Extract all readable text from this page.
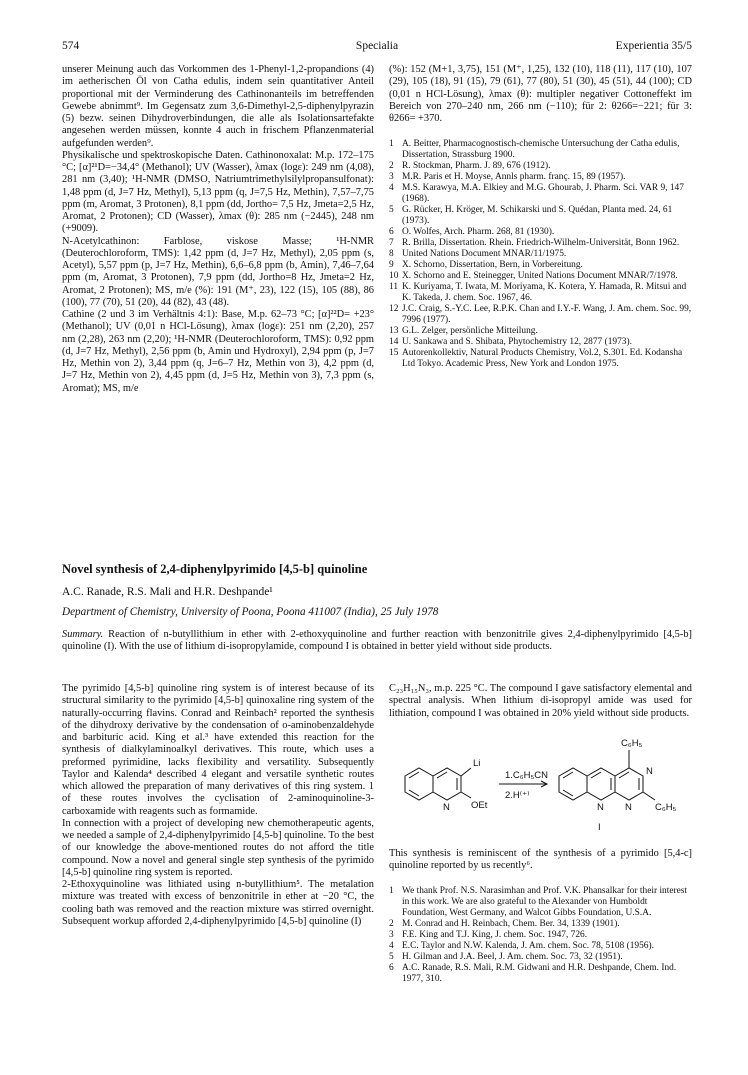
574	Specialia	Experientia 35/5

unserer Meinung auch das Vorkommen des 1-Phenyl-1,2-propandions (4) im aetherischen Öl von Catha edulis, indem sein quantitativer Anteil proportional mit der Verminderung des Cathinonanteils im betreffenden Gewebe abnimmt⁹. Im Gegensatz zum 3,6-Dimethyl-2,5-diphenylpyrazin (5) bezw. seinen Dihydroverbindungen, die alle als Isolationsartefakte angesehen werden müssen, konnte 4 auch in frischem Pflanzenmaterial aufgefunden werden⁹.

Physikalische und spektroskopische Daten. Cathinonoxalat: M.p. 172–175 °C; [α]²¹D=−34,4° (Methanol); UV (Wasser), λmax (logε): 249 nm (4,08), 281 nm (3,40); ¹H-NMR (DMSO, Natriumtrimethylsilylpropansulfonat): 1,48 ppm (d, J=7 Hz, Methyl), 5,13 ppm (q, J=7,5 Hz, Methin), 7,57–7,75 ppm (m, Aromat, 3 Protonen), 8,1 ppm (dd, Jortho= 7,5 Hz, Jmeta=2,5 Hz, Aromat, 2 Protonen); CD (Wasser), λmax (θ): 285 nm (−2445), 248 nm (+9009).

N-Acetylcathinon: Farblose, viskose Masse; ¹H-NMR (Deuterochloroform, TMS): 1,42 ppm (d, J=7 Hz, Methyl), 2,05 ppm (s, Acetyl), 5,57 ppm (p, J=7 Hz, Methin), 6,6–6,8 ppm (b, Amin), 7,46–7,64 ppm (m, Aromat, 3 Protonen), 7,9 ppm (dd, Jortho=8 Hz, Jmeta=2 Hz, Aromat, 2 Protonen); MS, m/e (%): 191 (M⁺, 23), 122 (15), 105 (88), 86 (100), 77 (70), 51 (20), 44 (82), 43 (48).

Cathine (2 und 3 im Verhältnis 4:1): Base, M.p. 62–73 °C; [α]²²D= +23° (Methanol); UV (0,01 n HCl-Lösung), λmax (logε): 251 nm (2,20), 257 nm (2,28), 263 nm (2,20); ¹H-NMR (Deuterochloroform, TMS): 0,92 ppm (d, J=7 Hz, Methyl), 2,56 ppm (b, Amin und Hydroxyl), 2,94 ppm (p, J=7 Hz, Methin von 2), 3,44 ppm (q, J=6–7 Hz, Methin von 3), 4,2 ppm (d, J=7 Hz, Methin von 2), 4,45 ppm (d, J=5 Hz, Methin von 3), 7,3 ppm (s, Aromat); MS, m/e

(%): 152 (M+1, 3,75), 151 (M⁺, 1,25), 132 (10), 118 (11), 117 (10), 107 (29), 105 (18), 91 (15), 79 (61), 77 (80), 51 (30), 45 (51), 44 (100); CD (0,01 n HCl-Lösung), λmax (θ): multipler negativer Cottoneffekt im Bereich von 270–240 nm, 266 nm (−110); für 2: θ266=−221; für 3: θ266= +370.

1 A. Beitter, Pharmacognostisch-chemische Untersuchung der Catha edulis, Dissertation, Strassburg 1900.
2 R. Stockman, Pharm. J. 89, 676 (1912).
3 M.R. Paris et H. Moyse, Annls pharm. franç. 15, 89 (1957).
4 M.S. Karawya, M.A. Elkiey and M.G. Ghourab, J. Pharm. Sci. VAR 9, 147 (1968).
5 G. Rücker, H. Kröger, M. Schikarski und S. Quédan, Planta med. 24, 61 (1973).
6 O. Wolfes, Arch. Pharm. 268, 81 (1930).
7 R. Brilla, Dissertation. Rhein. Friedrich-Wilhelm-Universität, Bonn 1962.
8 United Nations Document MNAR/11/1975.
9 X. Schorno, Dissertation, Bern, in Vorbereitung.
10 X. Schorno and E. Steinegger, United Nations Document MNAR/7/1978.
11 K. Kuriyama, T. Iwata, M. Moriyama, K. Kotera, Y. Hamada, R. Mitsui and K. Takeda, J. chem. Soc. 1967, 46.
12 J.C. Craig, S.-Y.C. Lee, R.P.K. Chan and I.Y.-F. Wang, J. Am. chem. Soc. 99, 7996 (1977).
13 G.L. Zelger, persönliche Mitteilung.
14 U. Sankawa and S. Shibata, Phytochemistry 12, 2877 (1973).
15 Autorenkollektiv, Natural Products Chemistry, Vol.2, S.301. Ed. Kodansha Ltd Tokyo. Academic Press, New York and London 1975.
Novel synthesis of 2,4-diphenylpyrimido [4,5-b] quinoline
A.C. Ranade, R.S. Mali and H.R. Deshpande¹
Department of Chemistry, University of Poona, Poona 411007 (India), 25 July 1978
Summary. Reaction of n-butyllithium in ether with 2-ethoxyquinoline and further reaction with benzonitrile gives 2,4-diphenylpyrimido [4,5-b] quinoline (I). With the use of lithium di-isopropylamide, compound I is obtained in better yield without side products.

The pyrimido [4,5-b] quinoline ring system is of interest because of its structural similarity to the pyrimido [4,5-b] quinoxaline ring system of the naturally-occurring flavins. Conrad and Reinbach² reported the synthesis of the dihydroxy derivative by the condensation of o-aminobenzaldehyde and barbituric acid. King et al.³ have extended this reaction for the synthesis of dialkylaminoalkyl derivatives. This route, which uses a preformed pyrimidine, lacks flexibility and versatility. Subsequently Taylor and Kalenda⁴ described 4 elegant and versatile synthetic routes which allowed the preparation of many derivatives of this ring system. 1 of these routes involves the cyclisation of 2-aminoquinoline-3-carboxamide with reagents such as formamide.

In connection with a project of developing new chemotherapeutic agents, we needed a sample of 2,4-diphenylpyrimido [4,5-b] quinoline. To the best of our knowledge the above-mentioned routes do not afford the title compound. Now a novel and general single step synthesis of the pyrimido [4,5-b] quinoline ring system is reported.

2-Ethoxyquinoline was lithiated using n-butyllithium⁵. The metalation mixture was treated with excess of benzonitrile in ether at −20 °C, the cooling bath was removed and the reaction mixture was stirred overnight. Subsequent workup afforded 2,4-diphenylpyrimido [4,5-b] quinoline (I)

C₂₃H₁₅N₃, m.p. 225 °C. The compound I gave satisfactory elemental and spectral analysis. When lithium di-isopropyl amide was used for lithiation, compound I was obtained in 20% yield without side products.

Li
N OEt
1.C₆H₅CN
2.H⁽⁺⁾
C₆H₅
N
N N C₆H₅
I

This synthesis is reminiscent of the synthesis of a pyrimido [5,4-c] quinoline reported by us recently⁶.

1 We thank Prof. N.S. Narasimhan and Prof. V.K. Phansalkar for their interest in this work. We are also grateful to the Alexander von Humboldt Foundation, West Germany, and Walcot Gibbs Foundation, U.S.A.
2 M. Conrad and H. Reinbach, Chem. Ber. 34, 1339 (1901).
3 F.E. King and T.J. King, J. chem. Soc. 1947, 726.
4 E.C. Taylor and N.W. Kalenda, J. Am. chem. Soc. 78, 5108 (1956).
5 H. Gilman and J.A. Beel, J. Am. chem. Soc. 73, 32 (1951).
6 A.C. Ranade, R.S. Mali, R.M. Gidwani and H.R. Deshpande, Chem. Ind. 1977, 310.
